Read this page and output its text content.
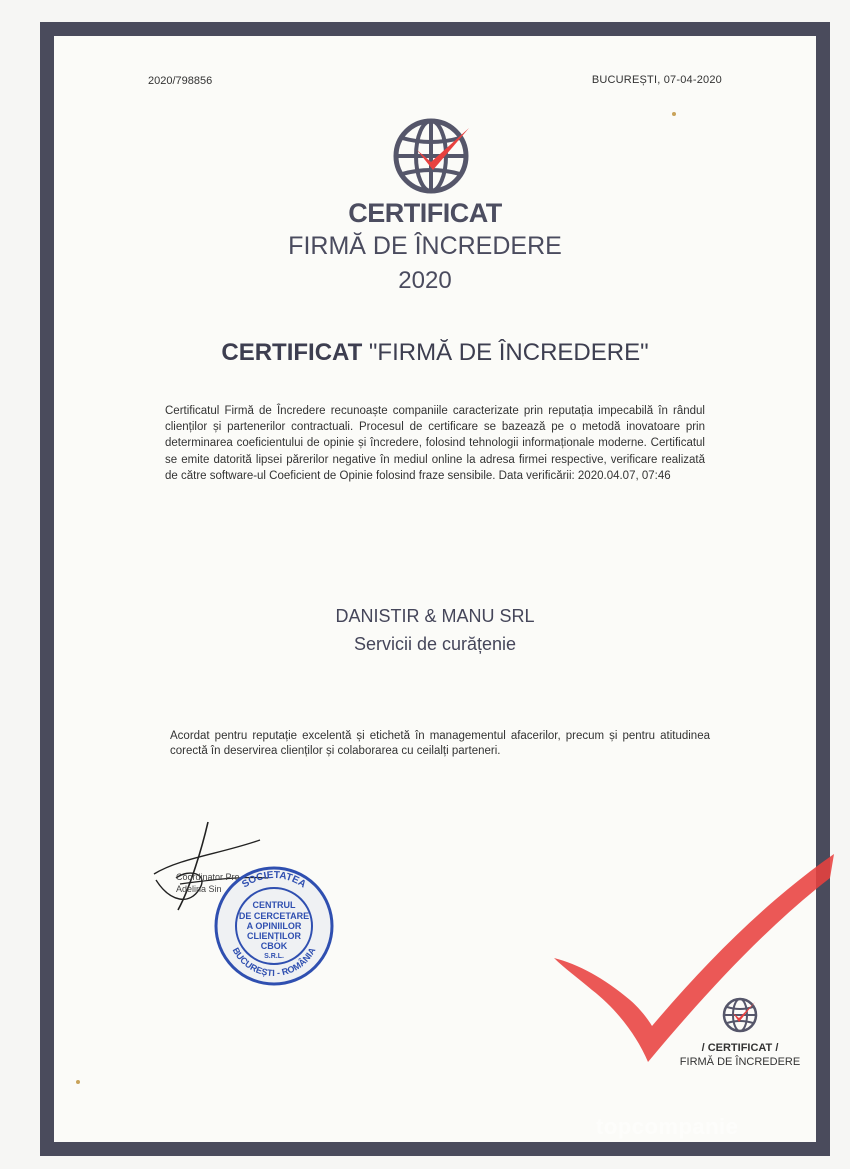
2020/798856	BUCUREȘTI, 07-04-2020
CERTIFICAT
FIRMĂ DE ÎNCREDERE
2020
CERTIFICAT "FIRMĂ DE ÎNCREDERE"
Certificatul Firmă de Încredere recunoaște companiile caracterizate prin reputația impecabilă în rândul clienților și partenerilor contractuali. Procesul de certificare se bazează pe o metodă inovatoare prin determinarea coeficientului de opinie și încredere, folosind tehnologii informaționale moderne. Certificatul se emite datorită lipsei părerilor negative în mediul online la adresa firmei respective, verificare realizată de către software-ul Coeficient de Opinie folosind fraze sensibile. Data verificării: 2020.04.07, 07:46
DANISTIR & MANU SRL
Servicii de curățenie
Acordat pentru reputație excelentă și etichetă în managementul afacerilor, precum și pentru atitudinea corectă în deservirea clienților și colaborarea cu ceilalți parteneri.
Coordinator Pro
Adelina Sin
CENTRUL
DE CERCETARE
A OPINIILOR
CLIENȚILOR
CBOK
S.R.L.
SOCIETATEA
BUCUREȘTI - ROMÂNIA
/ CERTIFICAT /
FIRMĂ DE ÎNCREDERE
topcompanie
